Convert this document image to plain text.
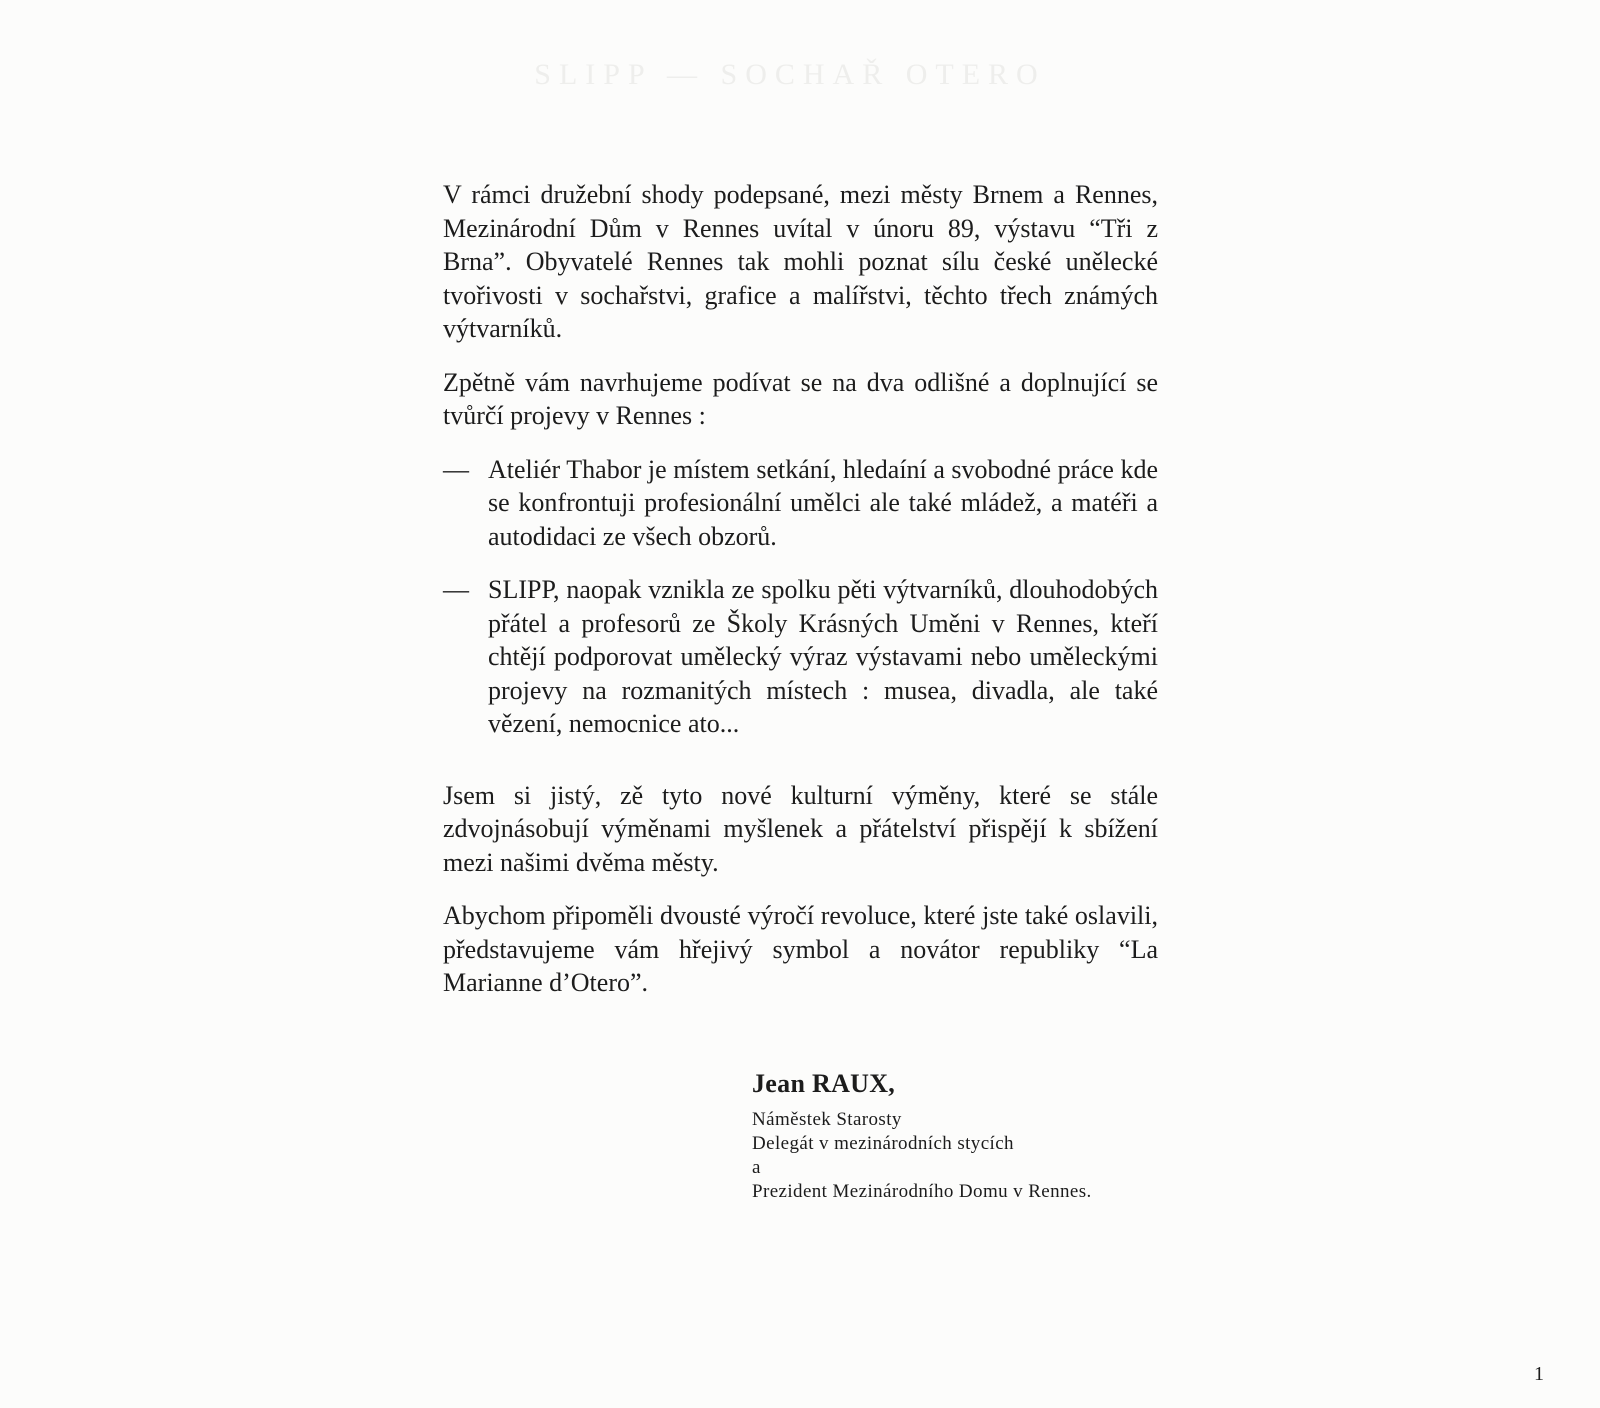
SLIPP — SOCHAŘ OTERO

V rámci družební shody podepsané, mezi městy Brnem a Rennes, Mezinárodní Dům v Rennes uvítal v únoru 89, výstavu “Tři z Brna”. Obyvatelé Rennes tak mohli poznat sílu české unělecké tvořivosti v sochařstvi, grafice a malířstvi, těchto třech známých výtvarníků.

Zpětně vám navrhujeme podívat se na dva odlišné a doplnující se tvůrčí projevy v Rennes :

— Ateliér Thabor je místem setkání, hledaíní a svobodné práce kde se konfrontuji profesionální umělci ale také mládež, a matéři a autodidaci ze všech obzorů.
— SLIPP, naopak vznikla ze spolku pěti výtvarníků, dlouhodobých přátel a profesorů ze Školy Krásných Uměni v Rennes, kteří chtějí podporovat umělecký výraz výstavami nebo uměleckými projevy na rozmanitých místech : musea, divadla, ale také vězení, nemocnice ato...

Jsem si jistý, zě tyto nové kulturní výměny, které se stále zdvojnásobují výměnami myšlenek a přátelství přispějí k sbížení mezi našimi dvěma městy.

Abychom připoměli dvousté výročí revoluce, které jste také oslavili, představujeme vám hřejivý symbol a novátor republiky “La Marianne d’Otero”.

Jean RAUX,
Náměstek Starosty
Delegát v mezinárodních stycích
a
Prezident Mezinárodního Domu v Rennes.
1
